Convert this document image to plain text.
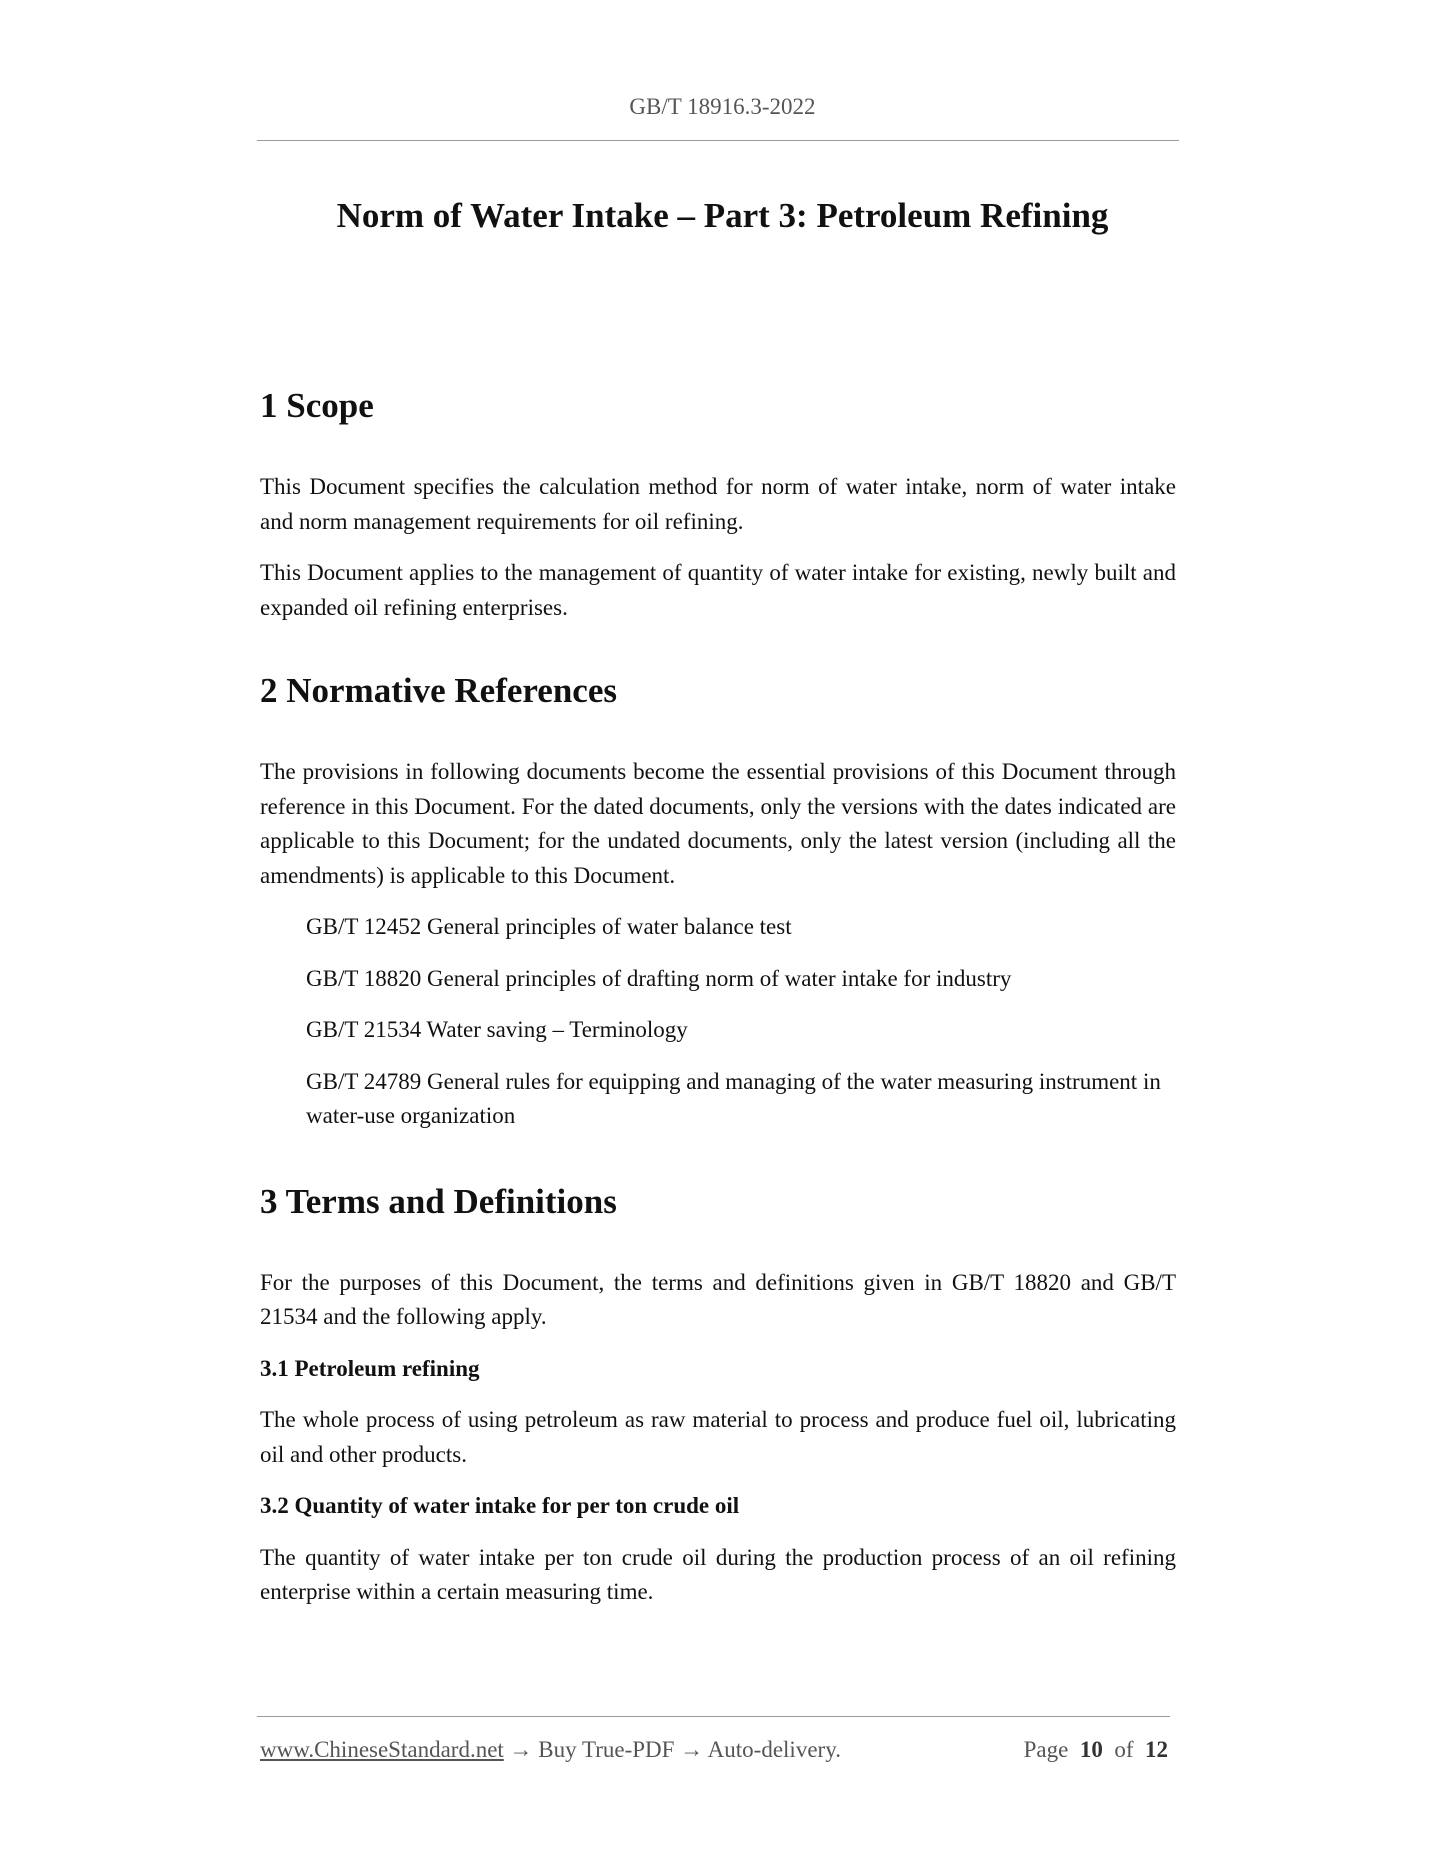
GB/T 18916.3-2022
Norm of Water Intake – Part 3: Petroleum Refining
1 Scope

This Document specifies the calculation method for norm of water intake, norm of water intake and norm management requirements for oil refining.

This Document applies to the management of quantity of water intake for existing, newly built and expanded oil refining enterprises.

2 Normative References

The provisions in following documents become the essential provisions of this Document through reference in this Document. For the dated documents, only the versions with the dates indicated are applicable to this Document; for the undated documents, only the latest version (including all the amendments) is applicable to this Document.

GB/T 12452 General principles of water balance test

GB/T 18820 General principles of drafting norm of water intake for industry

GB/T 21534 Water saving – Terminology

GB/T 24789 General rules for equipping and managing of the water measuring instrument in water-use organization

3 Terms and Definitions

For the purposes of this Document, the terms and definitions given in GB/T 18820 and GB/T 21534 and the following apply.

3.1 Petroleum refining

The whole process of using petroleum as raw material to process and produce fuel oil, lubricating oil and other products.

3.2 Quantity of water intake for per ton crude oil

The quantity of water intake per ton crude oil during the production process of an oil refining enterprise within a certain measuring time.

www.ChineseStandard.net → Buy True-PDF → Auto-delivery.	Page 10 of 12
